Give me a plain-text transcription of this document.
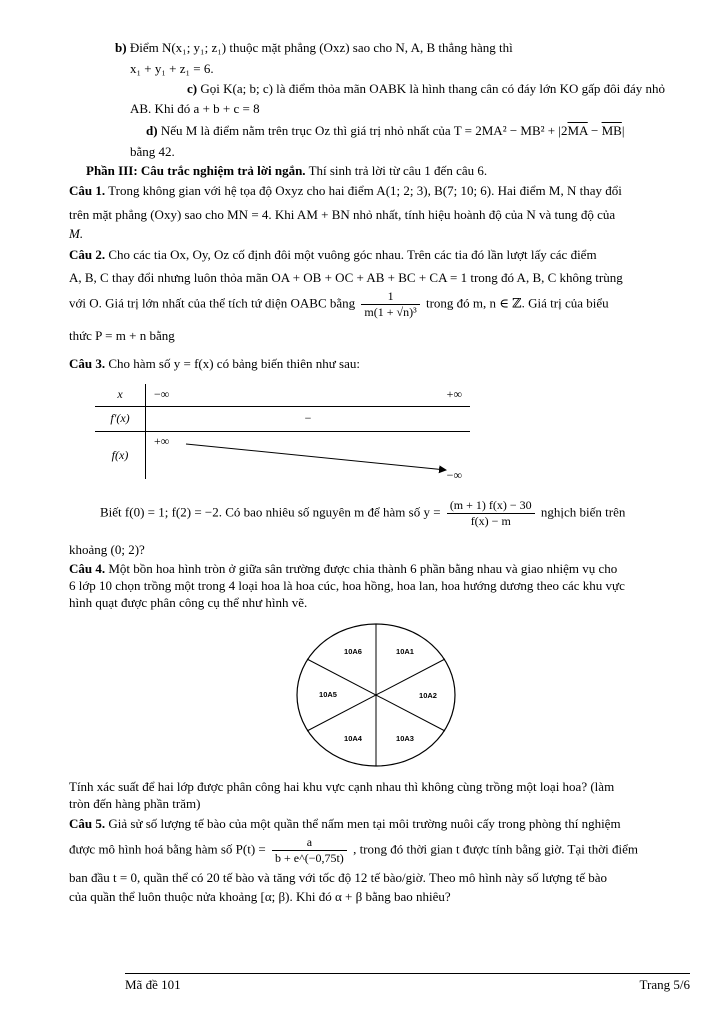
b) Điểm N(x₁; y₁; z₁) thuộc mặt phẳng (Oxz) sao cho N, A, B thẳng hàng thì
x₁ + y₁ + z₁ = 6.
c) Gọi K(a; b; c) là điểm thỏa mãn OABK là hình thang cân có đáy lớn KO gấp đôi đáy nhỏ
AB. Khi đó a + b + c = 8
d) Nếu M là điểm nằm trên trục Oz thì giá trị nhỏ nhất của $T = 2MA^2 - MB^2 + |2\overline{MA} - \overline{MB}|$
bằng 42.
Phần III: Câu trắc nghiệm trả lời ngắn. Thí sinh trả lời từ câu 1 đến câu 6.
Câu 1. Trong không gian với hệ tọa độ Oxyz cho hai điểm A(1; 2; 3), B(7; 10; 6). Hai điểm M, N thay đổi
trên mặt phẳng (Oxy) sao cho MN = 4. Khi AM + BN nhỏ nhất, tính hiệu hoành độ của N và tung độ của
M.
Câu 2. Cho các tia Ox, Oy, Oz cố định đôi một vuông góc nhau. Trên các tia đó lần lượt lấy các điểm
A, B, C thay đổi nhưng luôn thỏa mãn OA + OB + OC + AB + BC + CA = 1 trong đó A, B, C không trùng
với O. Giá trị lớn nhất của thể tích tứ diện OABC bằng $\frac{1}{\text{m(1 + √n)³}}$ trong đó m, n ∈ ℤ. Giá trị của biểu
thức P = m + n bằng
Câu 3. Cho hàm số y = f(x) có bảng biến thiên như sau:
x	−∞ +∞

f′(x)	−
f(x)	+∞
−∞
Biết f(0) = 1; f(2) = −2. Có bao nhiêu số nguyên m để hàm số $y = \frac{(m + 1) f(x) - 30}{f(x) - m}$ nghịch biến trên
khoảng (0; 2)?
Câu 4. Một bồn hoa hình tròn ở giữa sân trường được chia thành 6 phần bằng nhau và giao nhiệm vụ cho
6 lớp 10 chọn trồng một trong 4 loại hoa là hoa cúc, hoa hồng, hoa lan, hoa hướng dương theo các khu vực
hình quạt được phân công cụ thể như hình vẽ.
10A6	10A1
10A2
10A3
10A4
10A5
Tính xác suất để hai lớp được phân công hai khu vực cạnh nhau thì không cùng trồng một loại hoa? (làm
tròn đến hàng phần trăm)
Câu 5. Giả sử số lượng tế bào của một quần thể nấm men tại môi trường nuôi cấy trong phòng thí nghiệm
được mô hình hoá bằng hàm số $P(t) = \frac{a}{b + e\^{}(-0,75t)}$ , trong đó thời gian t được tính bằng giờ. Tại thời điểm
ban đầu t = 0, quần thể có 20 tế bào và tăng với tốc độ 12 tế bào/giờ. Theo mô hình này số lượng tế bào
của quần thể luôn thuộc nửa khoảng [α; β). Khi đó α + β bằng bao nhiêu?
Mã đề 101	Trang 5/6
